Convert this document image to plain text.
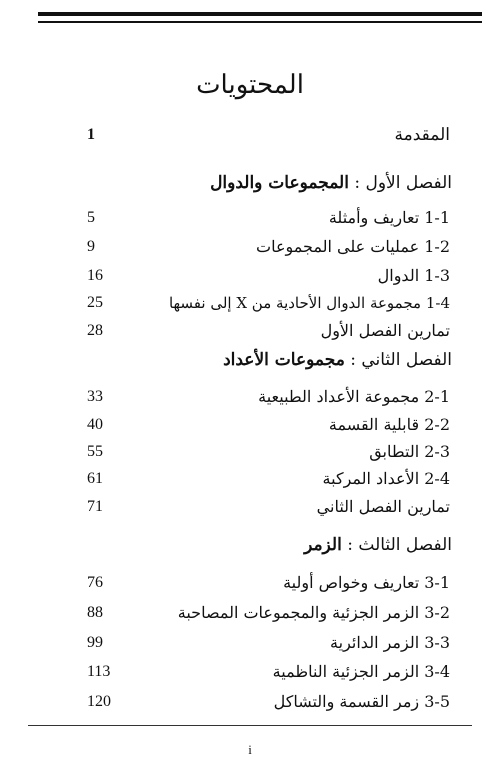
المحتويات
المقدمة
1
الفصل الأول : المجموعات والدوال
1-1 تعاريف وأمثلة
5
1-2 عمليات على المجموعات
9
1-3 الدوال
16
1-4 مجموعة الدوال الأحادية من X إلى نفسها
25
تمارين الفصل الأول
28
الفصل الثاني : مجموعات الأعداد
2-1 مجموعة الأعداد الطبيعية
33
2-2 قابلية القسمة
40
2-3 التطابق
55
2-4 الأعداد المركبة
61
تمارين الفصل الثاني
71
الفصل الثالث : الزمر
3-1 تعاريف وخواص أولية
76
3-2 الزمر الجزئية والمجموعات المصاحبة
88
3-3 الزمر الدائرية
99
3-4 الزمر الجزئية الناظمية
113
3-5 زمر القسمة والتشاكل
120
i
